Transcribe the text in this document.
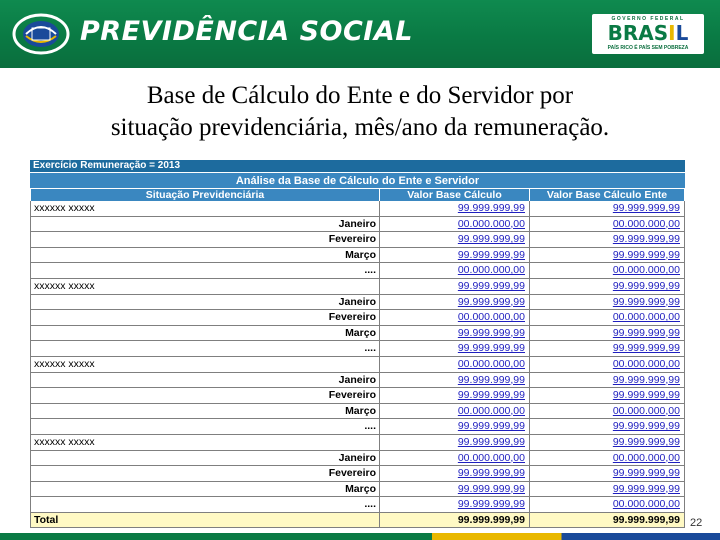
PREVIDÊNCIA SOCIAL	GOVERNO FEDERAL
BRASIL
PAÍS RICO É PAÍS SEM POBREZA
Base de Cálculo do Ente e do Servidor por
situação previdenciária, mês/ano da remuneração.
Exercício Remuneração = 2013
Análise da Base de Cálculo do Ente e Servidor
Situação Previdenciária	Valor Base Cálculo	Valor Base Cálculo Ente
xxxxxx xxxxx	99.999.999,99	99.999.999,99
Janeiro	00.000.000,00	00.000.000,00
Fevereiro	99.999.999,99	99.999.999,99
Março	99.999.999,99	99.999.999,99
....	00.000.000,00	00.000.000,00
xxxxxx xxxxx	99.999.999,99	99.999.999,99
Janeiro	99.999.999,99	99.999.999,99
Fevereiro	00.000.000,00	00.000.000,00
Março	99.999.999,99	99.999.999,99
....	99.999.999,99	99.999.999,99
xxxxxx xxxxx	00.000.000,00	00.000.000,00
Janeiro	99.999.999,99	99.999.999,99
Fevereiro	99.999.999,99	99.999.999,99
Março	00.000.000,00	00.000.000,00
....	99.999.999,99	99.999.999,99
xxxxxx xxxxx	99.999.999,99	99.999.999,99
Janeiro	00.000.000,00	00.000.000,00
Fevereiro	99.999.999,99	99.999.999,99
Março	99.999.999,99	99.999.999,99
....	99.999.999,99	00.000.000,00
Total	99.999.999,99	99.999.999,99 22
